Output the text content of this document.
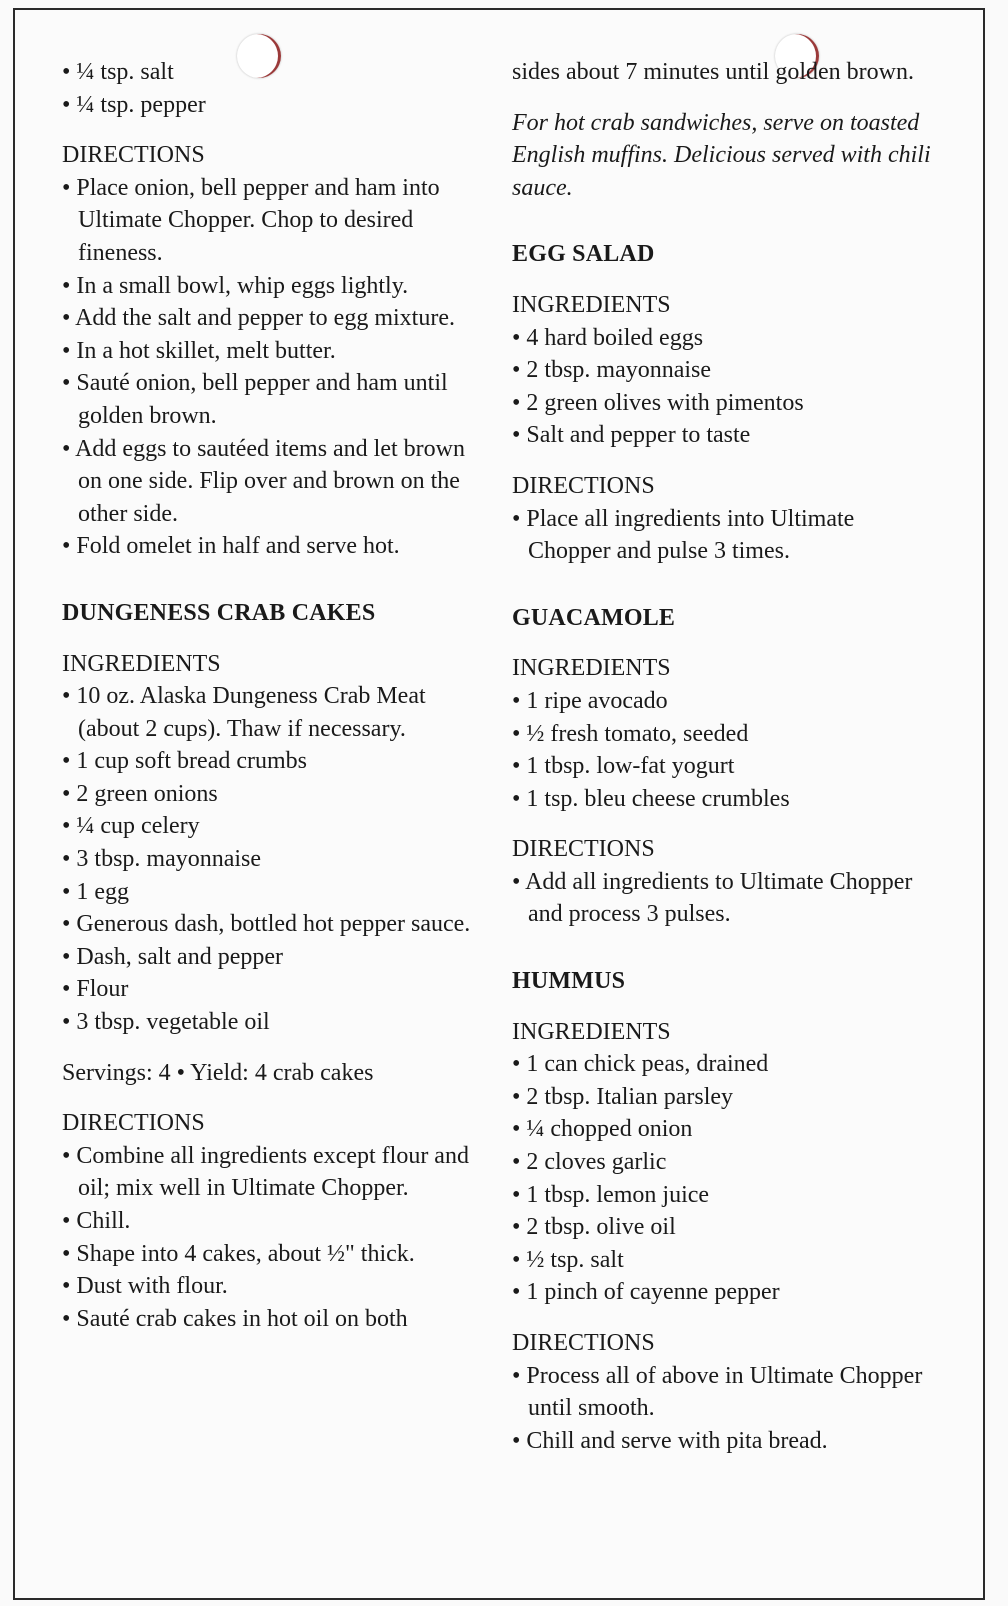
• ¼ tsp. salt

• ¼ tsp. pepper

DIRECTIONS

• Place onion, bell pepper and ham into Ultimate Chopper. Chop to desired fineness.

• In a small bowl, whip eggs lightly.

• Add the salt and pepper to egg mixture.

• In a hot skillet, melt butter.

• Sauté onion, bell pepper and ham until golden brown.

• Add eggs to sautéed items and let brown on one side. Flip over and brown on the other side.

• Fold omelet in half and serve hot.

DUNGENESS CRAB CAKES

INGREDIENTS

• 10 oz. Alaska Dungeness Crab Meat (about 2 cups). Thaw if necessary.

• 1 cup soft bread crumbs

• 2 green onions

• ¼ cup celery

• 3 tbsp. mayonnaise

• 1 egg

• Generous dash, bottled hot pepper sauce.

• Dash, salt and pepper

• Flour

• 3 tbsp. vegetable oil

Servings: 4 • Yield: 4 crab cakes

DIRECTIONS

• Combine all ingredients except flour and oil; mix well in Ultimate Chopper.

• Chill.

• Shape into 4 cakes, about ½" thick.

• Dust with flour.

• Sauté crab cakes in hot oil on both

sides about 7 minutes until golden brown.

For hot crab sandwiches, serve on toasted English muffins. Delicious served with chili sauce.

EGG SALAD

INGREDIENTS

• 4 hard boiled eggs

• 2 tbsp. mayonnaise

• 2 green olives with pimentos

• Salt and pepper to taste

DIRECTIONS

• Place all ingredients into Ultimate Chopper and pulse 3 times.

GUACAMOLE

INGREDIENTS

• 1 ripe avocado

• ½ fresh tomato, seeded

• 1 tbsp. low-fat yogurt

• 1 tsp. bleu cheese crumbles

DIRECTIONS

• Add all ingredients to Ultimate Chopper and process 3 pulses.

HUMMUS

INGREDIENTS

• 1 can chick peas, drained

• 2 tbsp. Italian parsley

• ¼ chopped onion

• 2 cloves garlic

• 1 tbsp. lemon juice

• 2 tbsp. olive oil

• ½ tsp. salt

• 1 pinch of cayenne pepper

DIRECTIONS

• Process all of above in Ultimate Chopper until smooth.

• Chill and serve with pita bread.
